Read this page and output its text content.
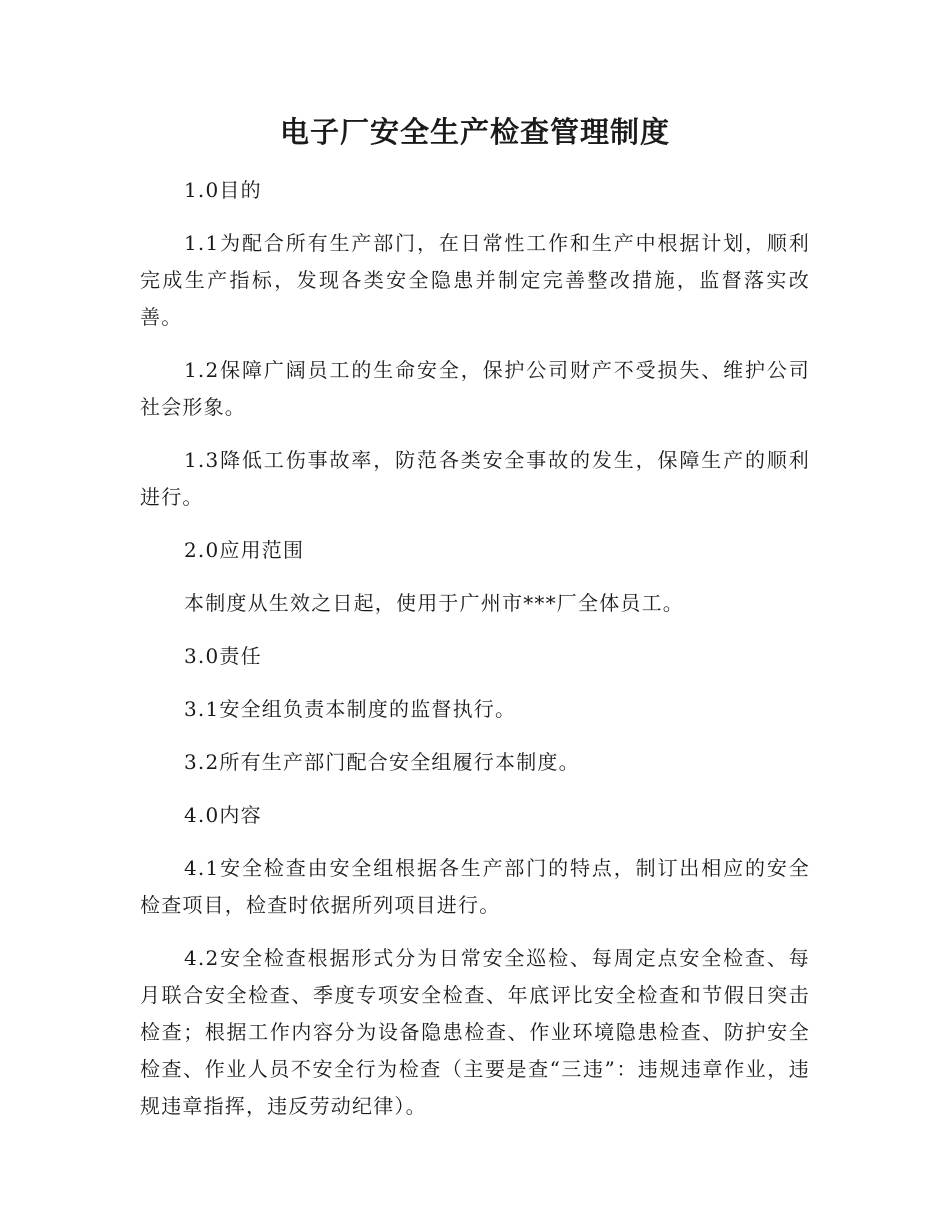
电子厂安全生产检查管理制度

1.0目的

1.1为配合所有生产部门，在日常性工作和生产中根据计划，顺利完成生产指标，发现各类安全隐患并制定完善整改措施，监督落实改善。

1.2保障广阔员工的生命安全，保护公司财产不受损失、维护公司社会形象。

1.3降低工伤事故率，防范各类安全事故的发生，保障生产的顺利进行。

2.0应用范围

本制度从生效之日起，使用于广州市***厂全体员工。

3.0责任

3.1安全组负责本制度的监督执行。

3.2所有生产部门配合安全组履行本制度。

4.0内容

4.1安全检查由安全组根据各生产部门的特点，制订出相应的安全检查项目，检查时依据所列项目进行。

4.2安全检查根据形式分为日常安全巡检、每周定点安全检查、每月联合安全检查、季度专项安全检查、年底评比安全检查和节假日突击检查；根据工作内容分为设备隐患检查、作业环境隐患检查、防护安全检查、作业人员不安全行为检查（主要是查“三违”：违规违章作业，违规违章指挥，违反劳动纪律）。
